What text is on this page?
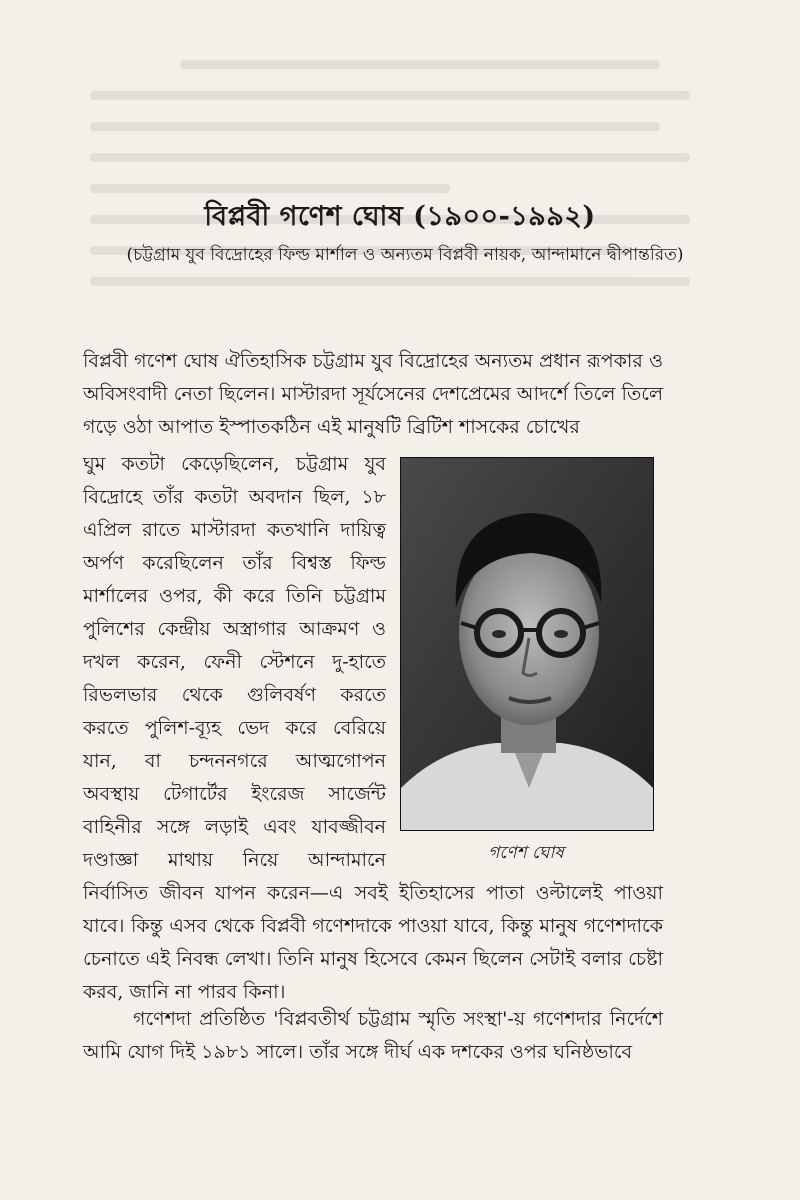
বিপ্লবী গণেশ ঘোষ (১৯০০-১৯৯২)
(চট্টগ্রাম যুব বিদ্রোহের ফিল্ড মার্শাল ও অন্যতম বিপ্লবী নায়ক, আন্দামানে দ্বীপান্তরিত)
বিপ্লবী গণেশ ঘোষ ঐতিহাসিক চট্টগ্রাম যুব বিদ্রোহের অন্যতম প্রধান রূপকার ও অবিসংবাদী নেতা ছিলেন। মাস্টারদা সূর্যসেনের দেশপ্রেমের আদর্শে তিলে তিলে গড়ে ওঠা আপাত ইস্পাতকঠিন এই মানুষটি ব্রিটিশ শাসকের চোখের
ঘুম কতটা কেড়েছিলেন, চট্টগ্রাম যুব
বিদ্রোহে তাঁর কতটা অবদান ছিল, ১৮
এপ্রিল রাতে মাস্টারদা কতখানি দায়িত্ব
অর্পণ করেছিলেন তাঁর বিশ্বস্ত ফিল্ড
মার্শালের ওপর, কী করে তিনি চট্টগ্রাম
পুলিশের কেন্দ্রীয় অস্ত্রাগার আক্রমণ ও
দখল করেন, ফেনী স্টেশনে দু-হাতে
রিভলভার থেকে গুলিবর্ষণ করতে
করতে পুলিশ-ব্যূহ ভেদ করে বেরিয়ে
যান, বা চন্দননগরে আত্মগোপন
অবস্থায় টেগার্টের ইংরেজ সার্জেন্ট
বাহিনীর সঙ্গে লড়াই এবং যাবজ্জীবন
দণ্ডাজ্ঞা মাথায় নিয়ে আন্দামানে	গণেশ ঘোষ
নির্বাসিত জীবন যাপন করেন—এ সবই ইতিহাসের পাতা ওল্টালেই পাওয়া যাবে। কিন্তু এসব থেকে বিপ্লবী গণেশদাকে পাওয়া যাবে, কিন্তু মানুষ গণেশদাকে চেনাতে এই নিবন্ধ লেখা। তিনি মানুষ হিসেবে কেমন ছিলেন সেটাই বলার চেষ্টা করব, জানি না পারব কিনা।
গণেশদা প্রতিষ্ঠিত 'বিপ্লবতীর্থ চট্টগ্রাম স্মৃতি সংস্থা'-য় গণেশদার নির্দেশে আমি যোগ দিই ১৯৮১ সালে। তাঁর সঙ্গে দীর্ঘ এক দশকের ওপর ঘনিষ্ঠভাবে
